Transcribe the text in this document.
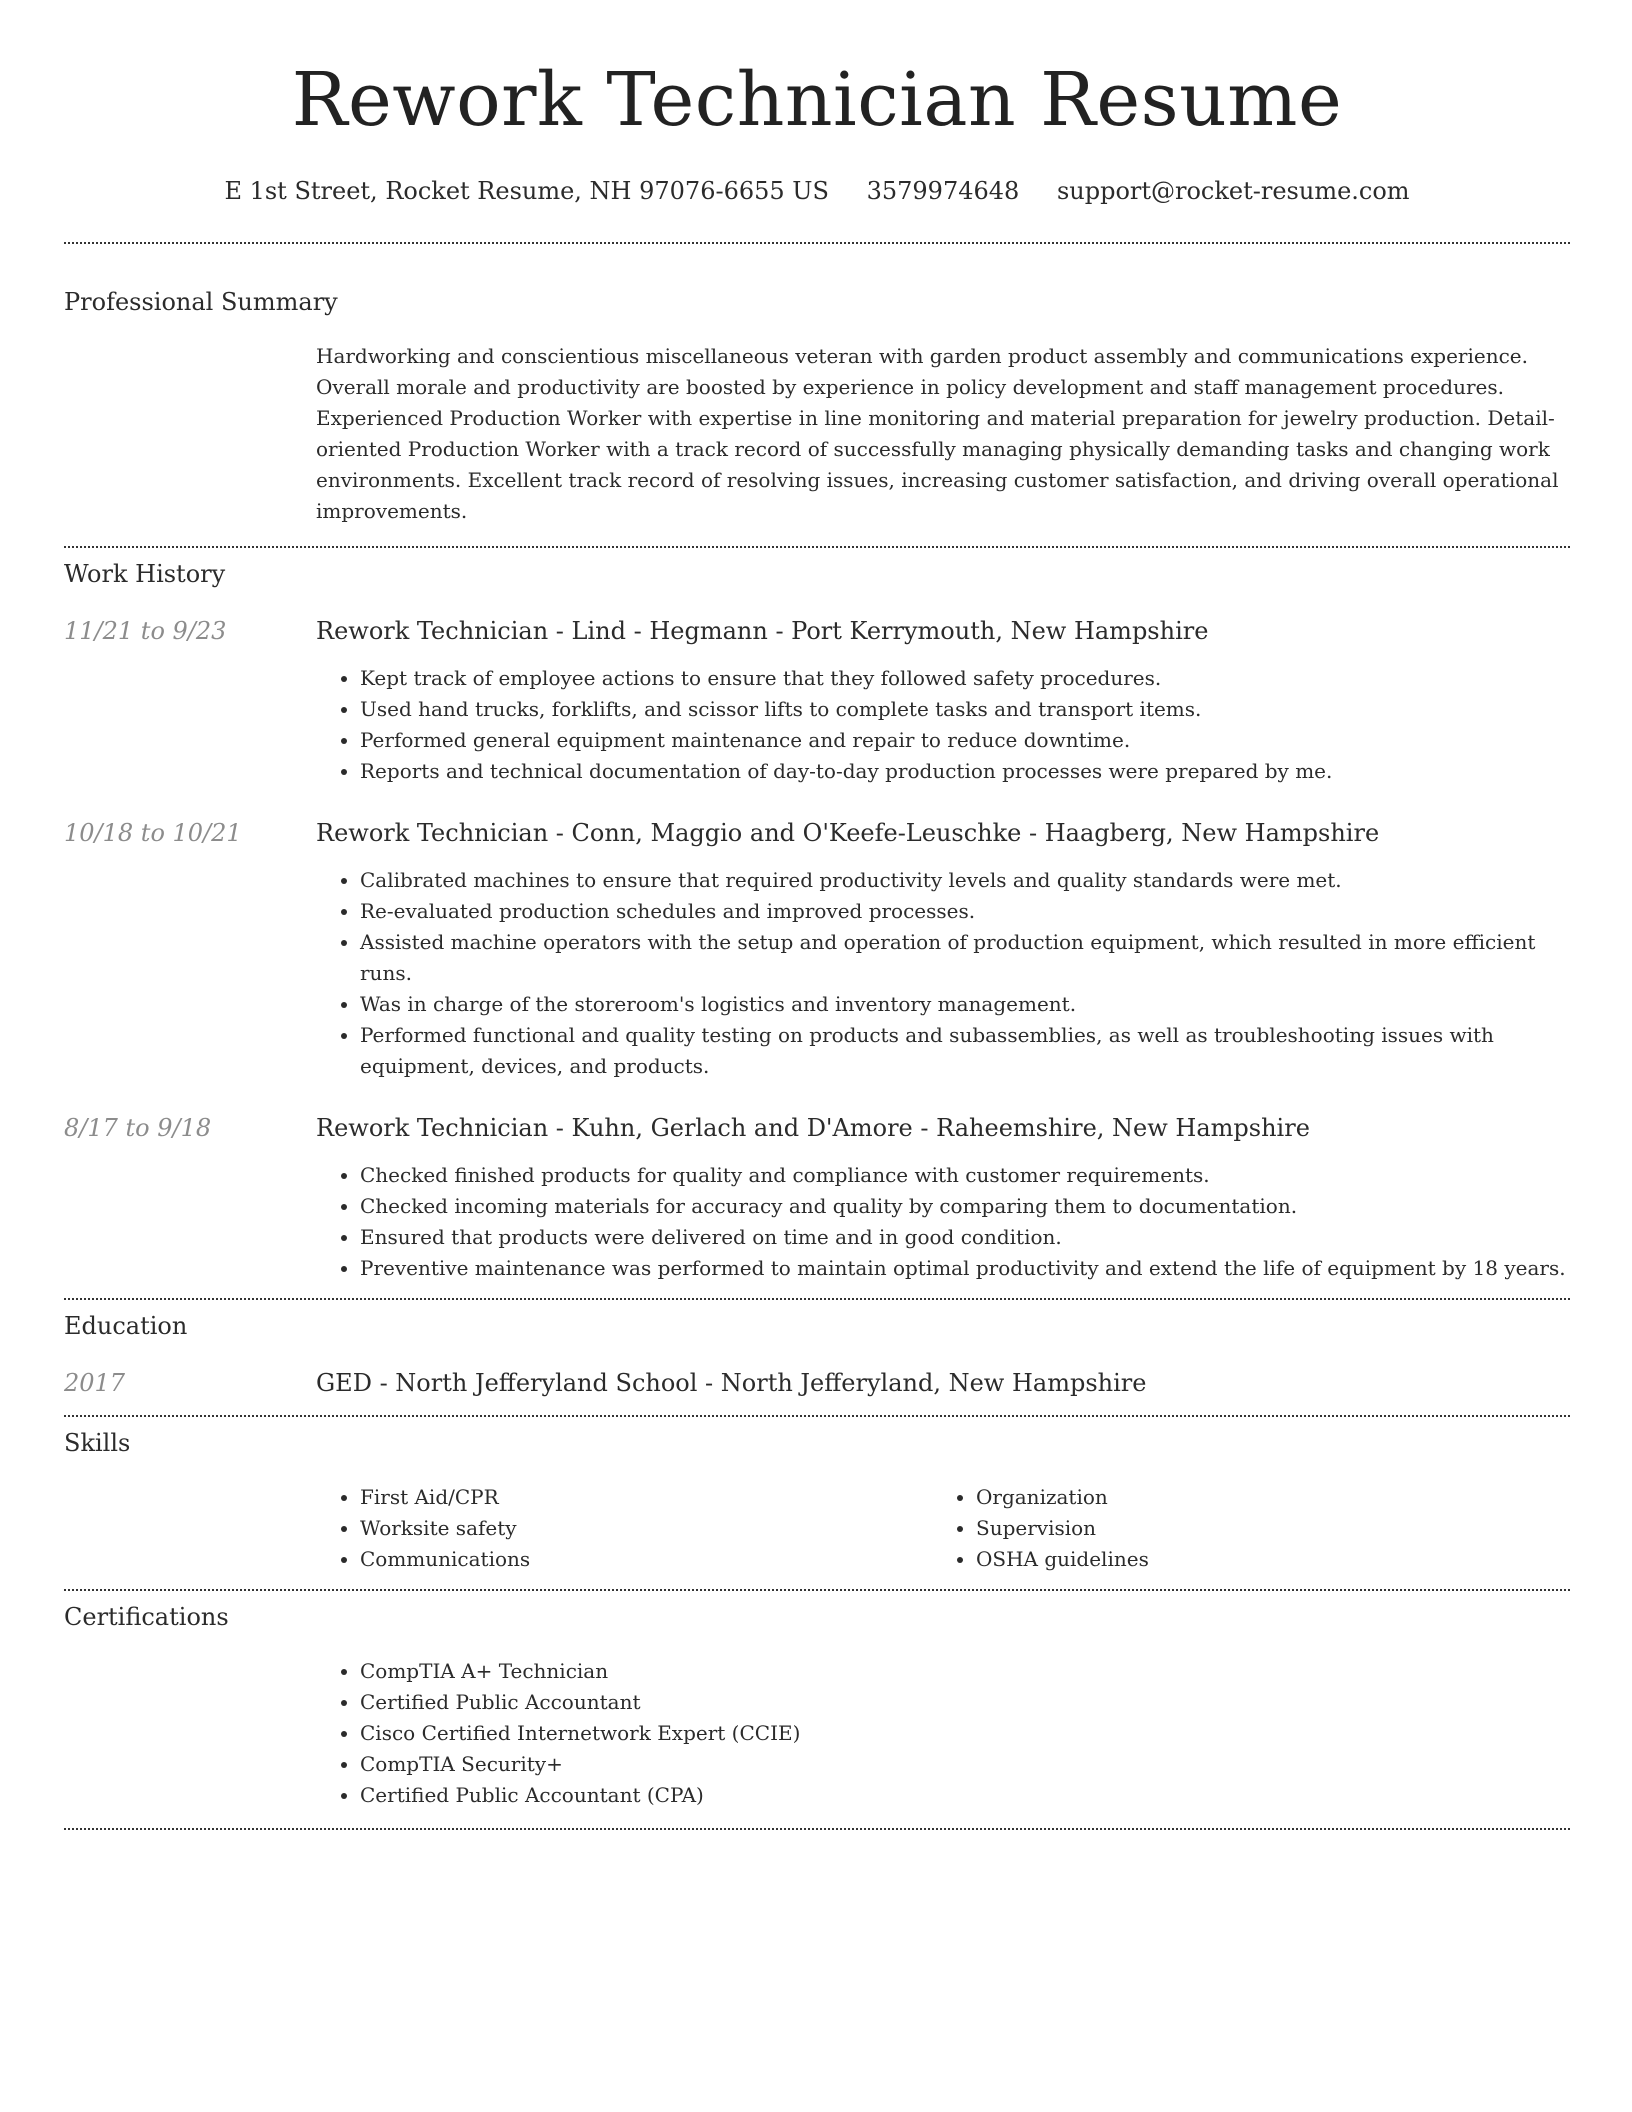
Rework Technician Resume
E 1st Street, Rocket Resume, NH 97076-6655 US 3579974648 support@rocket-resume.com
Professional Summary
Hardworking and conscientious miscellaneous veteran with garden product assembly and communications experience. Overall morale and productivity are boosted by experience in policy development and staff management procedures. Experienced Production Worker with expertise in line monitoring and material preparation for jewelry production. Detail-oriented Production Worker with a track record of successfully managing physically demanding tasks and changing work environments. Excellent track record of resolving issues, increasing customer satisfaction, and driving overall operational improvements.
Work History
11/21 to 9/23	Rework Technician - Lind - Hegmann - Port Kerrymouth, New Hampshire
• Kept track of employee actions to ensure that they followed safety procedures.
• Used hand trucks, forklifts, and scissor lifts to complete tasks and transport items.
• Performed general equipment maintenance and repair to reduce downtime.
• Reports and technical documentation of day-to-day production processes were prepared by me.
10/18 to 10/21	Rework Technician - Conn, Maggio and O'Keefe-Leuschke - Haagberg, New Hampshire
• Calibrated machines to ensure that required productivity levels and quality standards were met.
• Re-evaluated production schedules and improved processes.
• Assisted machine operators with the setup and operation of production equipment, which resulted in more efficient runs.
• Was in charge of the storeroom's logistics and inventory management.
• Performed functional and quality testing on products and subassemblies, as well as troubleshooting issues with equipment, devices, and products.
8/17 to 9/18	Rework Technician - Kuhn, Gerlach and D'Amore - Raheemshire, New Hampshire
• Checked finished products for quality and compliance with customer requirements.
• Checked incoming materials for accuracy and quality by comparing them to documentation.
• Ensured that products were delivered on time and in good condition.
• Preventive maintenance was performed to maintain optimal productivity and extend the life of equipment by 18 years.
Education
2017	GED - North Jefferyland School - North Jefferyland, New Hampshire
Skills
• First Aid/CPR
• Worksite safety
• Communications
• Organization
• Supervision
• OSHA guidelines
Certifications
• CompTIA A+ Technician
• Certified Public Accountant
• Cisco Certified Internetwork Expert (CCIE)
• CompTIA Security+
• Certified Public Accountant (CPA)
